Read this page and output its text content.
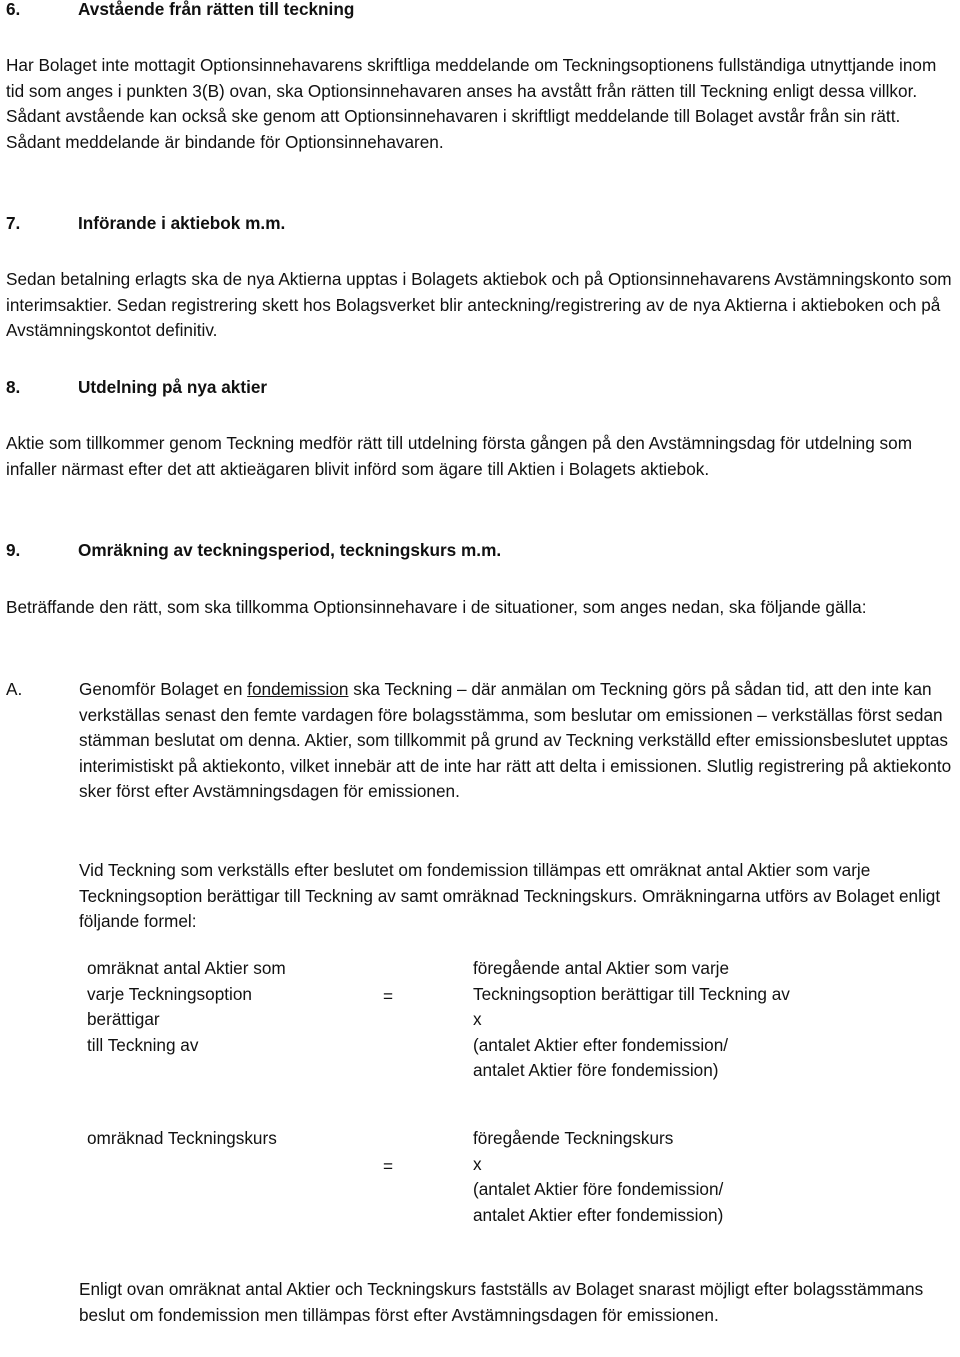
6.	Avstående från rätten till teckning

Har Bolaget inte mottagit Optionsinnehavarens skriftliga meddelande om Teckningsoptionens fullständiga utnyttjande inom tid som anges i punkten 3(B) ovan, ska Optionsinnehavaren anses ha avstått från rätten till Teckning enligt dessa villkor. Sådant avstående kan också ske genom att Optionsinnehavaren i skriftligt meddelande till Bolaget avstår från sin rätt. Sådant meddelande är bindande för Optionsinnehavaren.

7.	Införande i aktiebok m.m.

Sedan betalning erlagts ska de nya Aktierna upptas i Bolagets aktiebok och på Optionsinnehavarens Avstämningskonto som interimsaktier. Sedan registrering skett hos Bolagsverket blir anteckning/registrering av de nya Aktierna i aktieboken och på Avstämningskontot definitiv.

8.	Utdelning på nya aktier

Aktie som tillkommer genom Teckning medför rätt till utdelning första gången på den Avstämningsdag för utdelning som infaller närmast efter det att aktieägaren blivit införd som ägare till Aktien i Bolagets aktiebok.

9.	Omräkning av teckningsperiod, teckningskurs m.m.

Beträffande den rätt, som ska tillkomma Optionsinnehavare i de situationer, som anges nedan, ska följande gälla:

A.	Genomför Bolaget en fondemission ska Teckning – där anmälan om Teckning görs på sådan tid, att den inte kan verkställas senast den femte vardagen före bolagsstämma, som beslutar om emissionen – verkställas först sedan stämman beslutat om denna. Aktier, som tillkommit på grund av Teckning verkställd efter emissionsbeslutet upptas interimistiskt på aktiekonto, vilket innebär att de inte har rätt att delta i emissionen. Slutlig registrering på aktiekonto sker först efter Avstämningsdagen för emissionen.

Vid Teckning som verkställs efter beslutet om fondemission tillämpas ett omräknat antal Aktier som varje Teckningsoption berättigar till Teckning av samt omräknad Teckningskurs. Omräkningarna utförs av Bolaget enligt följande formel:

omräknat antal Aktier som
varje Teckningsoption
berättigar
till Teckning av
=
föregående antal Aktier som varje
Teckningsoption berättigar till Teckning av
x
(antalet Aktier efter fondemission/
antalet Aktier före fondemission)
omräknad Teckningskurs
=
föregående Teckningskurs
x
(antalet Aktier före fondemission/
antalet Aktier efter fondemission)

Enligt ovan omräknat antal Aktier och Teckningskurs fastställs av Bolaget snarast möjligt efter bolagsstämmans beslut om fondemission men tillämpas först efter Avstämningsdagen för emissionen.
